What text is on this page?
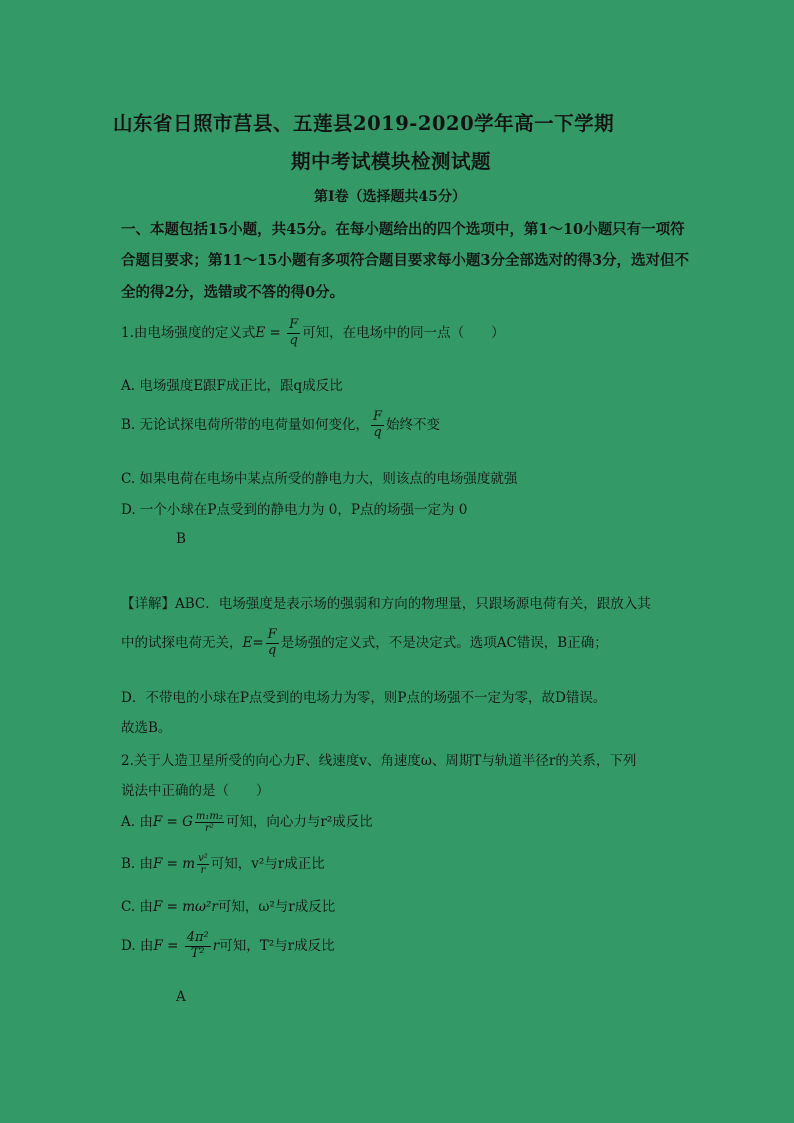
山东省日照市莒县、五莲县2019-2020学年高一下学期
期中考试模块检测试题
第I卷（选择题共45分）
一、本题包括15小题，共45分。在每小题给出的四个选项中，第1～10小题只有一项符
合题目要求；第11～15小题有多项符合题目要求每小题3分全部选对的得3分，选对但不
全的得2分，选错或不答的得0分。
1.由电场强度的定义式$E = \frac{F}{q}$ 可知，在电场中的同一点（　　）
A. 电场强度E跟F成正比，跟q成反比
B. 无论试探电荷所带的电荷量如何变化， $\frac{F}{q}$ 始终不变
C. 如果电荷在电场中某点所受的静电力大，则该点的电场强度就强
D. 一个小球在P点受到的静电力为 0，P点的场强一定为 0
B
【详解】ABC．电场强度是表示场的强弱和方向的物理量，只跟场源电荷有关，跟放入其
中的试探电荷无关，$E= \frac{F}{q}$ 是场强的定义式，不是决定式。选项AC错误，B正确；
D．不带电的小球在P点受到的电场力为零，则P点的场强不一定为零，故D错误。
故选B。
2.关于人造卫星所受的向心力F、线速度v、角速度ω、周期T与轨道半径r的关系，下列
说法中正确的是（　　）
A. 由F = G $\frac{\text{m₁m₂}}{\text{r²}}$ 可知，向心力与r²成反比
B. 由F = m $\frac{\text{v²}}{r}$ 可知，v²与r成正比
C. 由F = mω²r可知，ω²与r成反比
D. 由$F = \frac{\text{4π²}}{\text{T²}}$ r可知，T²与r成反比
A
